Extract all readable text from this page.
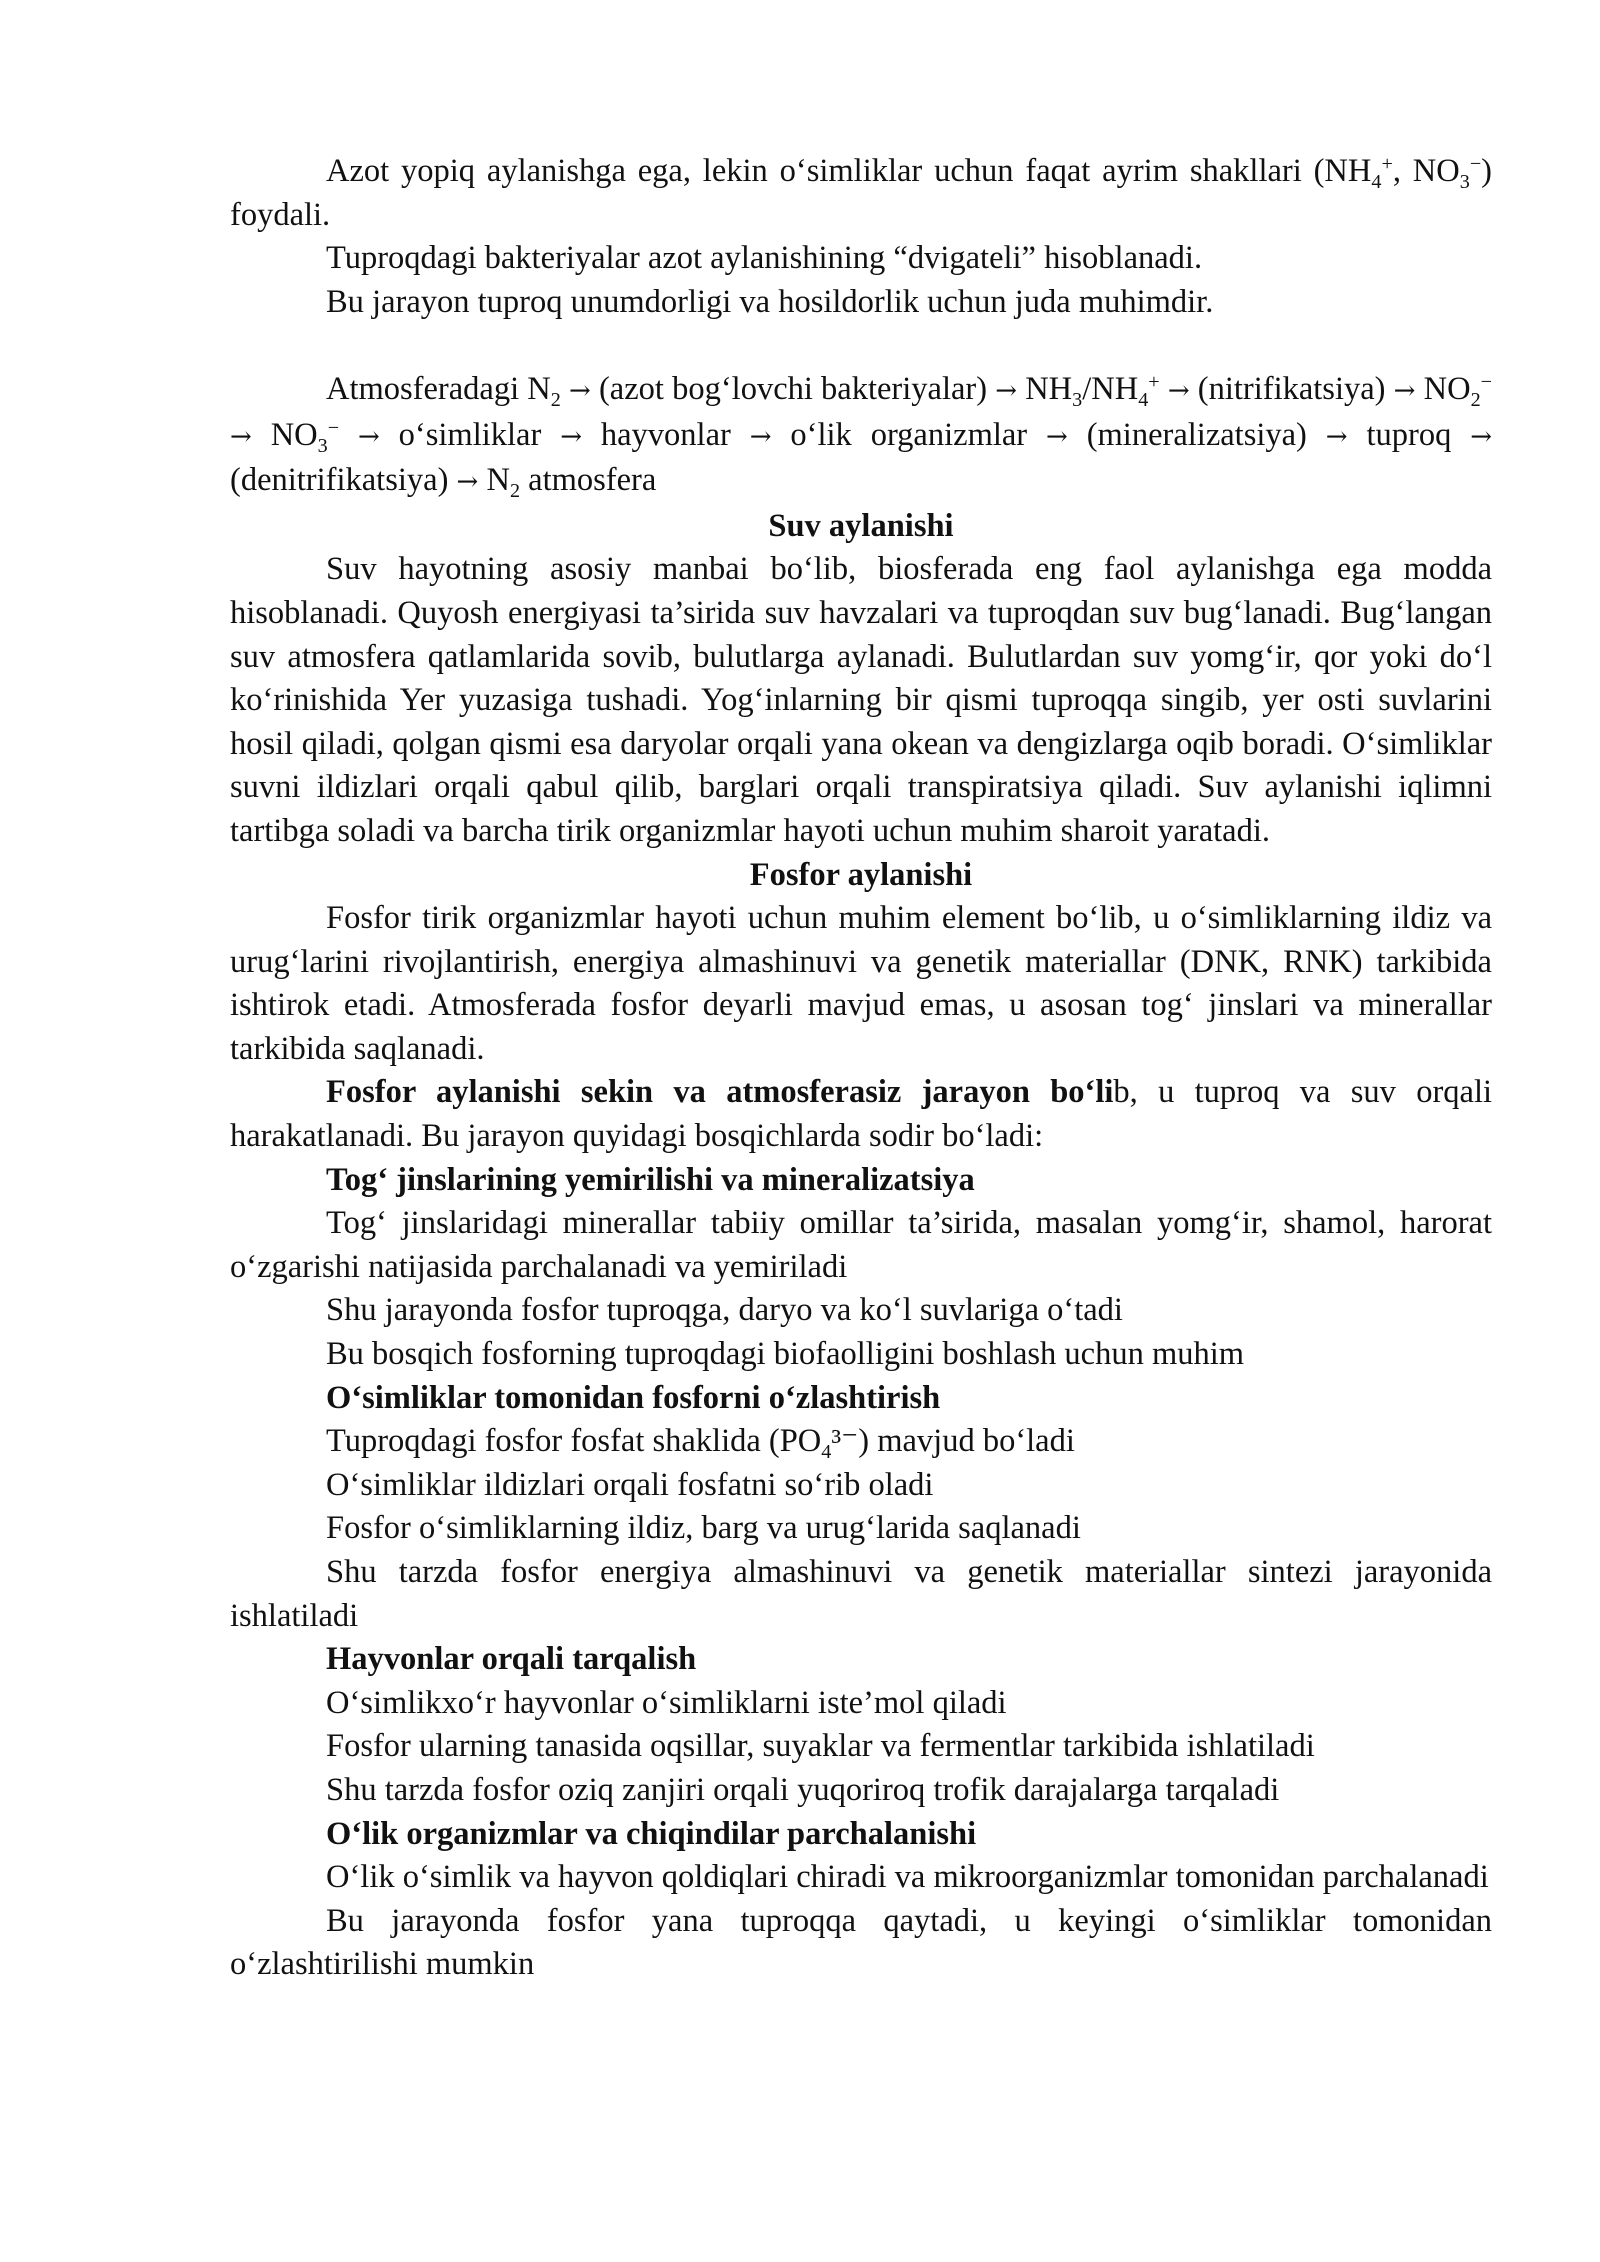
Azot yopiq aylanishga ega, lekin o‘simliklar uchun faqat ayrim shakllari ($NH_4^+$, $NO_3^-$) foydali.

Tuproqdagi bakteriyalar azot aylanishining “dvigateli” hisoblanadi.

Bu jarayon tuproq unumdorligi va hosildorlik uchun juda muhimdir.

Atmosferadagi $N_2$ → (azot bog‘lovchi bakteriyalar) → $NH_3/NH_4^+$ → (nitrifikatsiya) → $NO_2^- \to NO_3^-$ → o‘simliklar → hayvonlar → o‘lik organizmlar → (mineralizatsiya) → tuproq → (denitrifikatsiya) → $N_2$ atmosfera

Suv aylanishi

Suv hayotning asosiy manbai bo‘lib, biosferada eng faol aylanishga ega modda hisoblanadi. Quyosh energiyasi ta’sirida suv havzalari va tuproqdan suv bug‘lanadi. Bug‘langan suv atmosfera qatlamlarida sovib, bulutlarga aylanadi. Bulutlardan suv yomg‘ir, qor yoki do‘l ko‘rinishida Yer yuzasiga tushadi. Yog‘inlarning bir qismi tuproqqa singib, yer osti suvlarini hosil qiladi, qolgan qismi esa daryolar orqali yana okean va dengizlarga oqib boradi. O‘simliklar suvni ildizlari orqali qabul qilib, barglari orqali transpiratsiya qiladi. Suv aylanishi iqlimni tartibga soladi va barcha tirik organizmlar hayoti uchun muhim sharoit yaratadi.

Fosfor aylanishi

Fosfor tirik organizmlar hayoti uchun muhim element bo‘lib, u o‘simliklarning ildiz va urug‘larini rivojlantirish, energiya almashinuvi va genetik materiallar (DNK, RNK) tarkibida ishtirok etadi. Atmosferada fosfor deyarli mavjud emas, u asosan tog‘ jinslari va minerallar tarkibida saqlanadi.

Fosfor aylanishi sekin va atmosferasiz jarayon bo‘lib, u tuproq va suv orqali harakatlanadi. Bu jarayon quyidagi bosqichlarda sodir bo‘ladi:

Tog‘ jinslarining yemirilishi va mineralizatsiya

Tog‘ jinslaridagi minerallar tabiiy omillar ta’sirida, masalan yomg‘ir, shamol, harorat o‘zgarishi natijasida parchalanadi va yemiriladi

Shu jarayonda fosfor tuproqga, daryo va ko‘l suvlariga o‘tadi

Bu bosqich fosforning tuproqdagi biofaolligini boshlash uchun muhim

O‘simliklar tomonidan fosforni o‘zlashtirish

Tuproqdagi fosfor fosfat shaklida $(PO_4^{3-})$ mavjud bo‘ladi

O‘simliklar ildizlari orqali fosfatni so‘rib oladi

Fosfor o‘simliklarning ildiz, barg va urug‘larida saqlanadi

Shu tarzda fosfor energiya almashinuvi va genetik materiallar sintezi jarayonida ishlatiladi

Hayvonlar orqali tarqalish

O‘simlikxo‘r hayvonlar o‘simliklarni iste’mol qiladi

Fosfor ularning tanasida oqsillar, suyaklar va fermentlar tarkibida ishlatiladi

Shu tarzda fosfor oziq zanjiri orqali yuqoriroq trofik darajalarga tarqaladi

O‘lik organizmlar va chiqindilar parchalanishi

O‘lik o‘simlik va hayvon qoldiqlari chiradi va mikroorganizmlar tomonidan parchalanadi

Bu jarayonda fosfor yana tuproqqa qaytadi, u keyingi o‘simliklar tomonidan o‘zlashtirilishi mumkin
